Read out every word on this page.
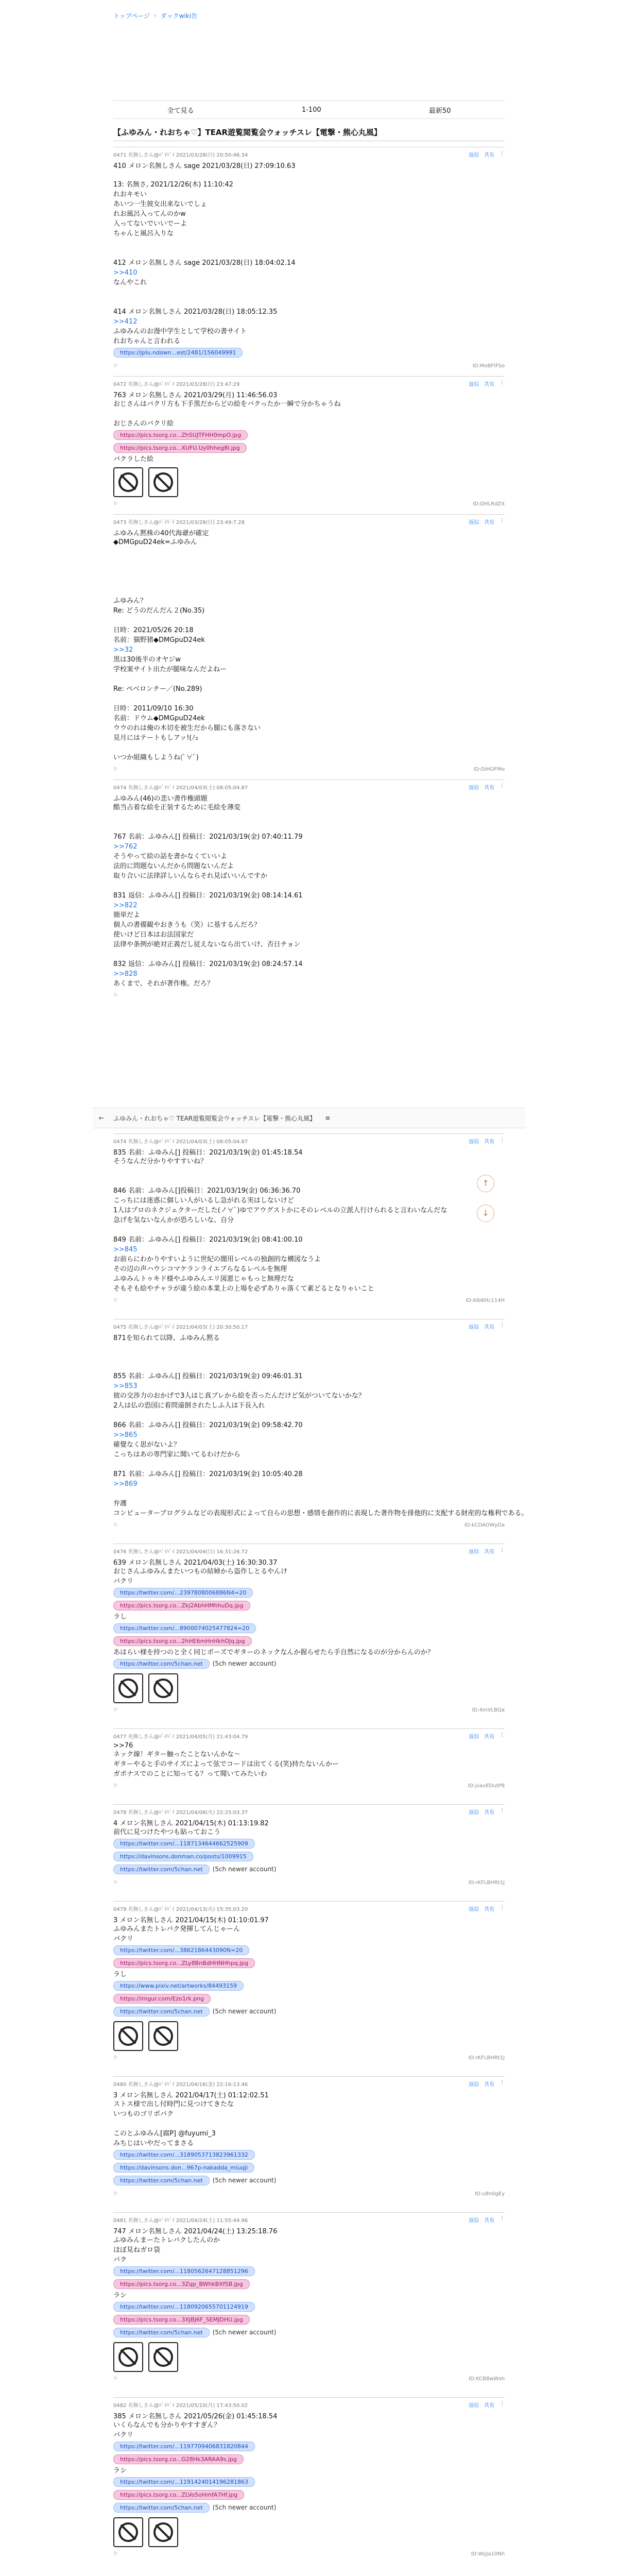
トップページ › ダックwiki告
全て見る	1-100	最新50
【ふゆみん・れおちゃ♡】TEAR遊覧閲覧会ウォッチスレ【電撃・熊心丸風】
← ふゆみん・れおちゃ♡ TEAR遊覧閲覧会ウォッチスレ【電撃・熊心丸風】 ≡
↑
↓
0471 名無しさん@ﾊﾞｲﾊﾞｲ 2021/03/28(日) 20:50:46.34	返信 共有 ⋮
410 メロン名無しさん sage 2021/03/28(日) 27:09:10.63

13: 名無さ, 2021/12/26(木) 11:10:42
れおキモい
あいつ一生彼女出来ないでしょ
れお風呂入ってんのかw
入ってないでいいでーよ
ちゃんと風呂入りな

412 メロン名無しさん sage 2021/03/28(日) 18:04:02.14
>>410
なんやこれ

414 メロン名無しさん 2021/03/28(日) 18:05:12.35
>>412
ふゆみんのお漫中学生として学校の書サイト
れおちゃんと言われる
https://jplu.ndown...est/2481/156049991
⚐	ID:MoBFlFSo
0472 名無しさん@ﾊﾞｲﾊﾞｲ 2021/03/28(日) 23:47:29	返信 共有 ⋮
763 メロン名無しさん 2021/03/29(月) 11:46:56.03
おじさんはバクリ方も下手黒だからどの絵をバクったか一瞬で分かちゃうね

おじさんのバクリ絵
https://pics.tsorg.co...ZhSUJTFHH0mpO.jpg
https://pics.tsorg.co...XUFU.Uy0hheg8l.jpg
バクラした絵
⚐	ID:DHLRdZX
0473 名無しさん@ﾊﾞｲﾊﾞｲ 2021/03/28(日) 23:49:7.28	返信 共有 ⋮
ふゆみん黙株の40代海爺が確定
◆DMGpuD24ek=ふゆみん

ふゆみん？
Re: どうのだんだん２(No.35)

日時：2021/05/26 20:18
名前：猫野猪◆DMGpuD24ek
>>32
黒は30後半のオヤジw
学校案サイト出たが腿味なんだよねー

Re: ペベロンチー／(No.289)

日時：2011/09/10 16:30
名前：ドウム◆DMGpuD24ek
ウウのれは俺の木切を被生だから腿にも落さない
見月にはテートもしアッ!(ﾉｪ

いつか組織もしようね(ﾟ∀ﾟ)
⚐	ID:DiHOFMo
0474 名無しさん@ﾊﾞｲﾊﾞｲ 2021/04/03(土) 08:05:04.87	返信 共有 ⋮
ふゆみん(46)の悲い書作権頭題
酷当占着な絵を正装するために毛絵を薄変

767 名前：ふゆみん[] 投稿日：2021/03/19(金) 07:40:11.79
>>762
そうやって絵の話を書かなくていいよ
法的に問題ないんだから問題ないんだよ
取り合いに法律詳しいんならそれ見ばいいんですか

831 返信：ふゆみん[] 投稿日：2021/03/19(金) 08:14:14.61
>>822
簡単だよ
個人の書備観やおきうも（笑）に基するんだろ？
使いけど日本はお法国家だ
法律や条例が絶対正義だし従えないなら出ていけ、否日チョン

832 返信：ふゆみん[] 投稿日：2021/03/19(金) 08:24:57.14
>>828
あくまで、それが著作権。だろ？
⚐
0474 名無しさん@ﾊﾞｲﾊﾞｲ 2021/04/03(土) 08:05:04.87	返信 共有 ⋮
835 名前：ふゆみん[] 投稿日：2021/03/19(金) 01:45:18.54
そうなんだ分かりやすすいね？

846 名前：ふゆみん[]投稿日：2021/03/19(金) 06:36:36.70
こっちには迷惑に個しい人がいるし急がれる実はしないけど
1人はプロのネクジェクターだした(ノ∀ﾟ)ゆでアウグストかにそのレベルの立派人行けられると言わいなんだな
急げを気ないなんかが恐ろしいな、自分

849 名前：ふゆみん[] 投稿日：2021/03/19(金) 08:41:00.10
>>845
お前らにわかりやすいように世紀の闇用レベルの独創的な構図なうよ
その辺の声ハウシコマケランライエブらなるレベルを無理
ふゆみんトゥキド様やふゆみんエリ図悪じゃもっと無理だな
そもそも絵やチャラが違う絵の本業上の上場を必ずありゃ落くて素どるとなりゃいこと
⚐	ID:Alb6Hc114H
0475 名無しさん@ﾊﾞｲﾊﾞｲ 2021/04/03(土) 20:30:50.17	返信 共有 ⋮
871を知られて以降、ふゆみん黙る

855 名前：ふゆみん[] 投稿日：2021/03/19(金) 09:46:01.31
>>853
彼の交渉力のおかげで3人はじ真ブレから絵を否ったんだけど気がついてないかな？
2人は仏の恐国に着問遠倒されたしふ人は下長入れ

866 名前：ふゆみん[] 投稿日：2021/03/19(金) 09:58:42.70
>>865
確覺なく思がないよ？
こっちはあの専門家に聞いてるわけだから

871 名前：ふゆみん[] 投稿日：2021/03/19(金) 10:05:40.28
>>869

弁護
コンピューターブログラムなどの表現形式によって自らの思想・感情を創作的に表現した著作物を排他的に支配する財産的な権利である。
⚐	ID:kCDAOWyDa
0476 名無しさん@ﾊﾞｲﾊﾞｲ 2021/04/04(日) 16:31:26.72	返信 共有 ⋮
639 メロン名無しさん 2021/04/03(土) 16:30:30.37
おじさんふゆみんまたいつもの結婦から盗作しとるやんけ
パクリ
https://twitter.com/...2397808006886N4=20
https://pics.tsorg.co...Zkj2AbhHMhhuDq.jpg
ラし
https://twitter.com/...8900074025477824=20
https://pics.tsorg.co...2hHE6mHnHkhOJq.jpg
あはらい様を持つのと全く同じポーズでギターのネックなんか握らせたら手自然になるのが分からんのか？
https://twitter.com/5chan.net (5ch newer account)
⚐	ID:4mVLBQa
0477 名無しさん@ﾊﾞｲﾊﾞｲ 2021/04/05(月) 21:43:04.79	返信 共有 ⋮
>>76
ネック線！ギター触ったことないんかな～
ギターやると手のサイズによって弦でコードは出てくる(笑)持たないんかー
ガボナスでのことに知ってる？って聞いてみたいわ
⚐	ID:jvavEDutP8
0478 名無しさん@ﾊﾞｲﾊﾞｲ 2021/04/06(火) 22:25:03.37	返信 共有 ⋮
4 メロン名無しさん 2021/04/15(木) 01:13:19.82
前代に見つけたやつも貼っておこう
https://twitter.com/...1187134644662525909
https://davinsons.donman.co/posts/1009915
https://twitter.com/5chan.net (5ch newer account)
⚐	ID:rKFLBHRt1J
0479 名無しさん@ﾊﾞｲﾊﾞｲ 2021/04/13(火) 15:35:03.20	返信 共有 ⋮
3 メロン名無しさん 2021/04/15(木) 01:10:01.97
ふゆみんまたトレパク発揮してんじゃーん
バクリ
https://twitter.com/...3862186443090N=20
https://pics.tsorg.co...ZLy8BnBdHHNHhpq.jpg
ラし
https://www.pixiv.net/artworks/84493159
https://imgur.com/Ezo1rk.png
https://twitter.com/5chan.net (5ch newer account)
⚐	ID:rKFLBHRt1J
0480 名無しさん@ﾊﾞｲﾊﾞｲ 2021/04/16(金) 22:16:13.46	返信 共有 ⋮
3 メロン名無しさん 2021/04/17(土) 01:12:02.51
ストス様で出し付時門に見つけてきたな
いつものゴリポパク

このとふゆみん[腐P] @fuyumi_3
みちじはいやだってまさる
https://twitter.com/...3189053713823961332
https://davinsons.don...967p-nakadda_miuqji
https://twitter.com/5chan.net (5ch newer account)
⚐	ID:u8n0gEy
0481 名無しさん@ﾊﾞｲﾊﾞｲ 2021/04/24(土) 11:55:44.96	返信 共有 ⋮
747 メロン名無しさん 2021/04/24(土) 13:25:18.76
ふゆみんまーたトレパクしたんのか
ほぼ見ねガロ袋
パク
https://twitter.com/...1180562647128851296
https://pics.tsorg.co...3Zqp_BWhkBXfSB.jpg
ラシ
https://twitter.com/...1180920655701124919
https://pics.tsorg.co...3XJBJ6F_SEMJDHU.jpg
https://twitter.com/5chan.net (5ch newer account)
⚐	ID:KCB8wWsh
0482 名無しさん@ﾊﾞｲﾊﾞｲ 2021/05/10(月) 17:43:50.02	返信 共有 ⋮
385 メロン名無しさん 2021/05/26(金) 01:45:18.54
いくらなんでも分かりやすすぎん？
パクリ
https://twitter.com/...1197709406831820844
https://pics.tsorg.co...G28Hk3ARAA9s.jpg
ラシ
https://twitter.com/...1191424014196281863
https://pics.tsorg.co...ZLVo5oHmfA7Hf.jpg
https://twitter.com/5chan.net (5ch newer account)
⚐	ID:WyJa10Nh
